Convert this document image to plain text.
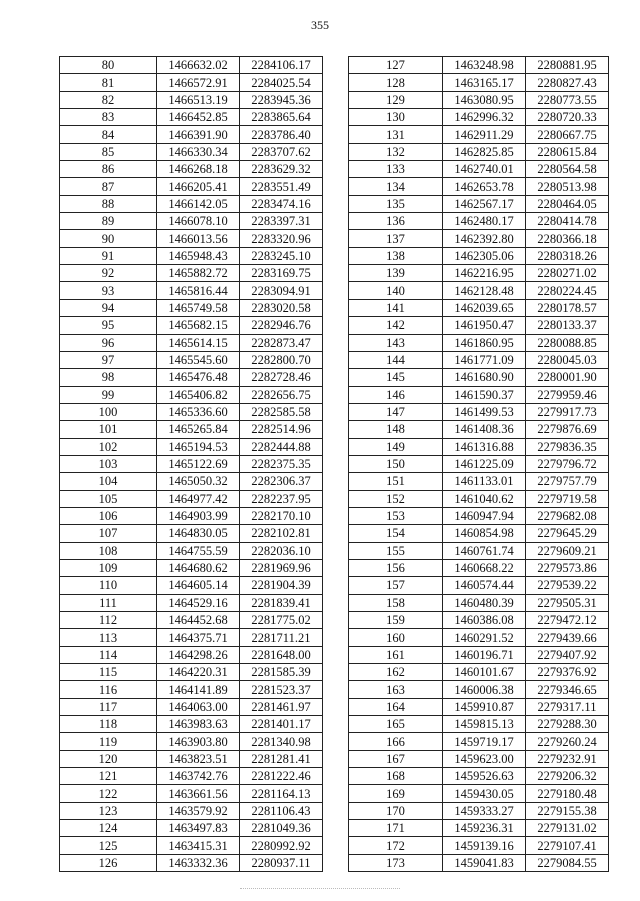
355
80	1466632.02	2284106.17
81	1466572.91	2284025.54
82	1466513.19	2283945.36
83	1466452.85	2283865.64
84	1466391.90	2283786.40
85	1466330.34	2283707.62
86	1466268.18	2283629.32
87	1466205.41	2283551.49
88	1466142.05	2283474.16
89	1466078.10	2283397.31
90	1466013.56	2283320.96
91	1465948.43	2283245.10
92	1465882.72	2283169.75
93	1465816.44	2283094.91
94	1465749.58	2283020.58
95	1465682.15	2282946.76
96	1465614.15	2282873.47
97	1465545.60	2282800.70
98	1465476.48	2282728.46
99	1465406.82	2282656.75
100	1465336.60	2282585.58
101	1465265.84	2282514.96
102	1465194.53	2282444.88
103	1465122.69	2282375.35
104	1465050.32	2282306.37
105	1464977.42	2282237.95
106	1464903.99	2282170.10
107	1464830.05	2282102.81
108	1464755.59	2282036.10
109	1464680.62	2281969.96
110	1464605.14	2281904.39
111	1464529.16	2281839.41
112	1464452.68	2281775.02
113	1464375.71	2281711.21
114	1464298.26	2281648.00
115	1464220.31	2281585.39
116	1464141.89	2281523.37
117	1464063.00	2281461.97
118	1463983.63	2281401.17
119	1463903.80	2281340.98
120	1463823.51	2281281.41
121	1463742.76	2281222.46
122	1463661.56	2281164.13
123	1463579.92	2281106.43
124	1463497.83	2281049.36
125	1463415.31	2280992.92
126	1463332.36	2280937.11
127	1463248.98	2280881.95
128	1463165.17	2280827.43
129	1463080.95	2280773.55
130	1462996.32	2280720.33
131	1462911.29	2280667.75
132	1462825.85	2280615.84
133	1462740.01	2280564.58
134	1462653.78	2280513.98
135	1462567.17	2280464.05
136	1462480.17	2280414.78
137	1462392.80	2280366.18
138	1462305.06	2280318.26
139	1462216.95	2280271.02
140	1462128.48	2280224.45
141	1462039.65	2280178.57
142	1461950.47	2280133.37
143	1461860.95	2280088.85
144	1461771.09	2280045.03
145	1461680.90	2280001.90
146	1461590.37	2279959.46
147	1461499.53	2279917.73
148	1461408.36	2279876.69
149	1461316.88	2279836.35
150	1461225.09	2279796.72
151	1461133.01	2279757.79
152	1461040.62	2279719.58
153	1460947.94	2279682.08
154	1460854.98	2279645.29
155	1460761.74	2279609.21
156	1460668.22	2279573.86
157	1460574.44	2279539.22
158	1460480.39	2279505.31
159	1460386.08	2279472.12
160	1460291.52	2279439.66
161	1460196.71	2279407.92
162	1460101.67	2279376.92
163	1460006.38	2279346.65
164	1459910.87	2279317.11
165	1459815.13	2279288.30
166	1459719.17	2279260.24
167	1459623.00	2279232.91
168	1459526.63	2279206.32
169	1459430.05	2279180.48
170	1459333.27	2279155.38
171	1459236.31	2279131.02
172	1459139.16	2279107.41
173	1459041.83	2279084.55
